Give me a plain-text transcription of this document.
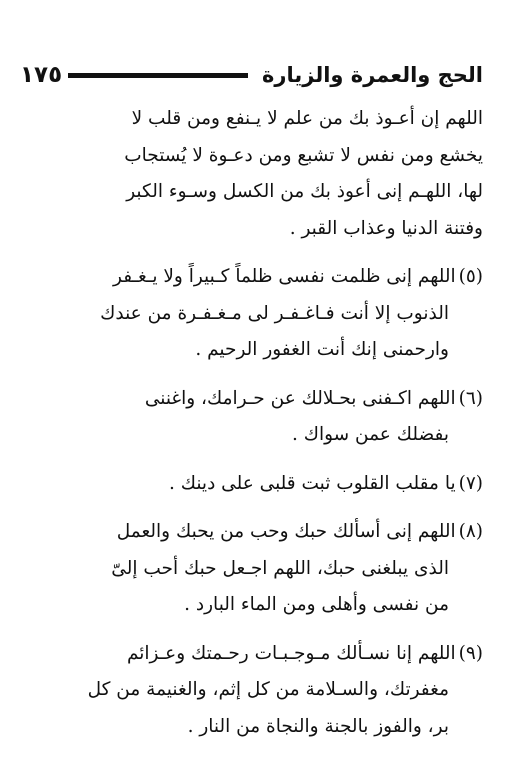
الحج والعمرة والزيارة
١٧٥
اللهم إن أعـوذ بك من علم لا يـنفع ومن قلب لا
يخشع ومن نفس لا تشبع ومن دعـوة لا يُستجاب
لها، اللهـم إنى أعوذ بك من الكسل وسـوء الكبر
وفتنة الدنيا وعذاب القبر .
(٥)اللهم إنى ظلمت نفسى ظلماً كـبيراً ولا يـغـفر
الذنوب إلا أنت فـاغـفـر لى مـغـفـرة من عندك
وارحمنى إنك أنت الغفور الرحيم .
(٦)اللهم اكـفنى بحـلالك عن حـرامك، واغننى
بفضلك عمن سواك .
(٧)يا مقلب القلوب ثبت قلبى على دينك .
(٨)اللهم إنى أسألك حبك وحب من يحبك والعمل
الذى يبلغنى حبك، اللهم اجـعل حبك أحب إلىّ
من نفسى وأهلى ومن الماء البارد .
(٩)اللهم إنا نسـألك مـوجـبـات رحـمتك وعـزائم
مغفرتك، والسـلامة من كل إثم، والغنيمة من كل
بر، والفوز بالجنة والنجاة من النار .
